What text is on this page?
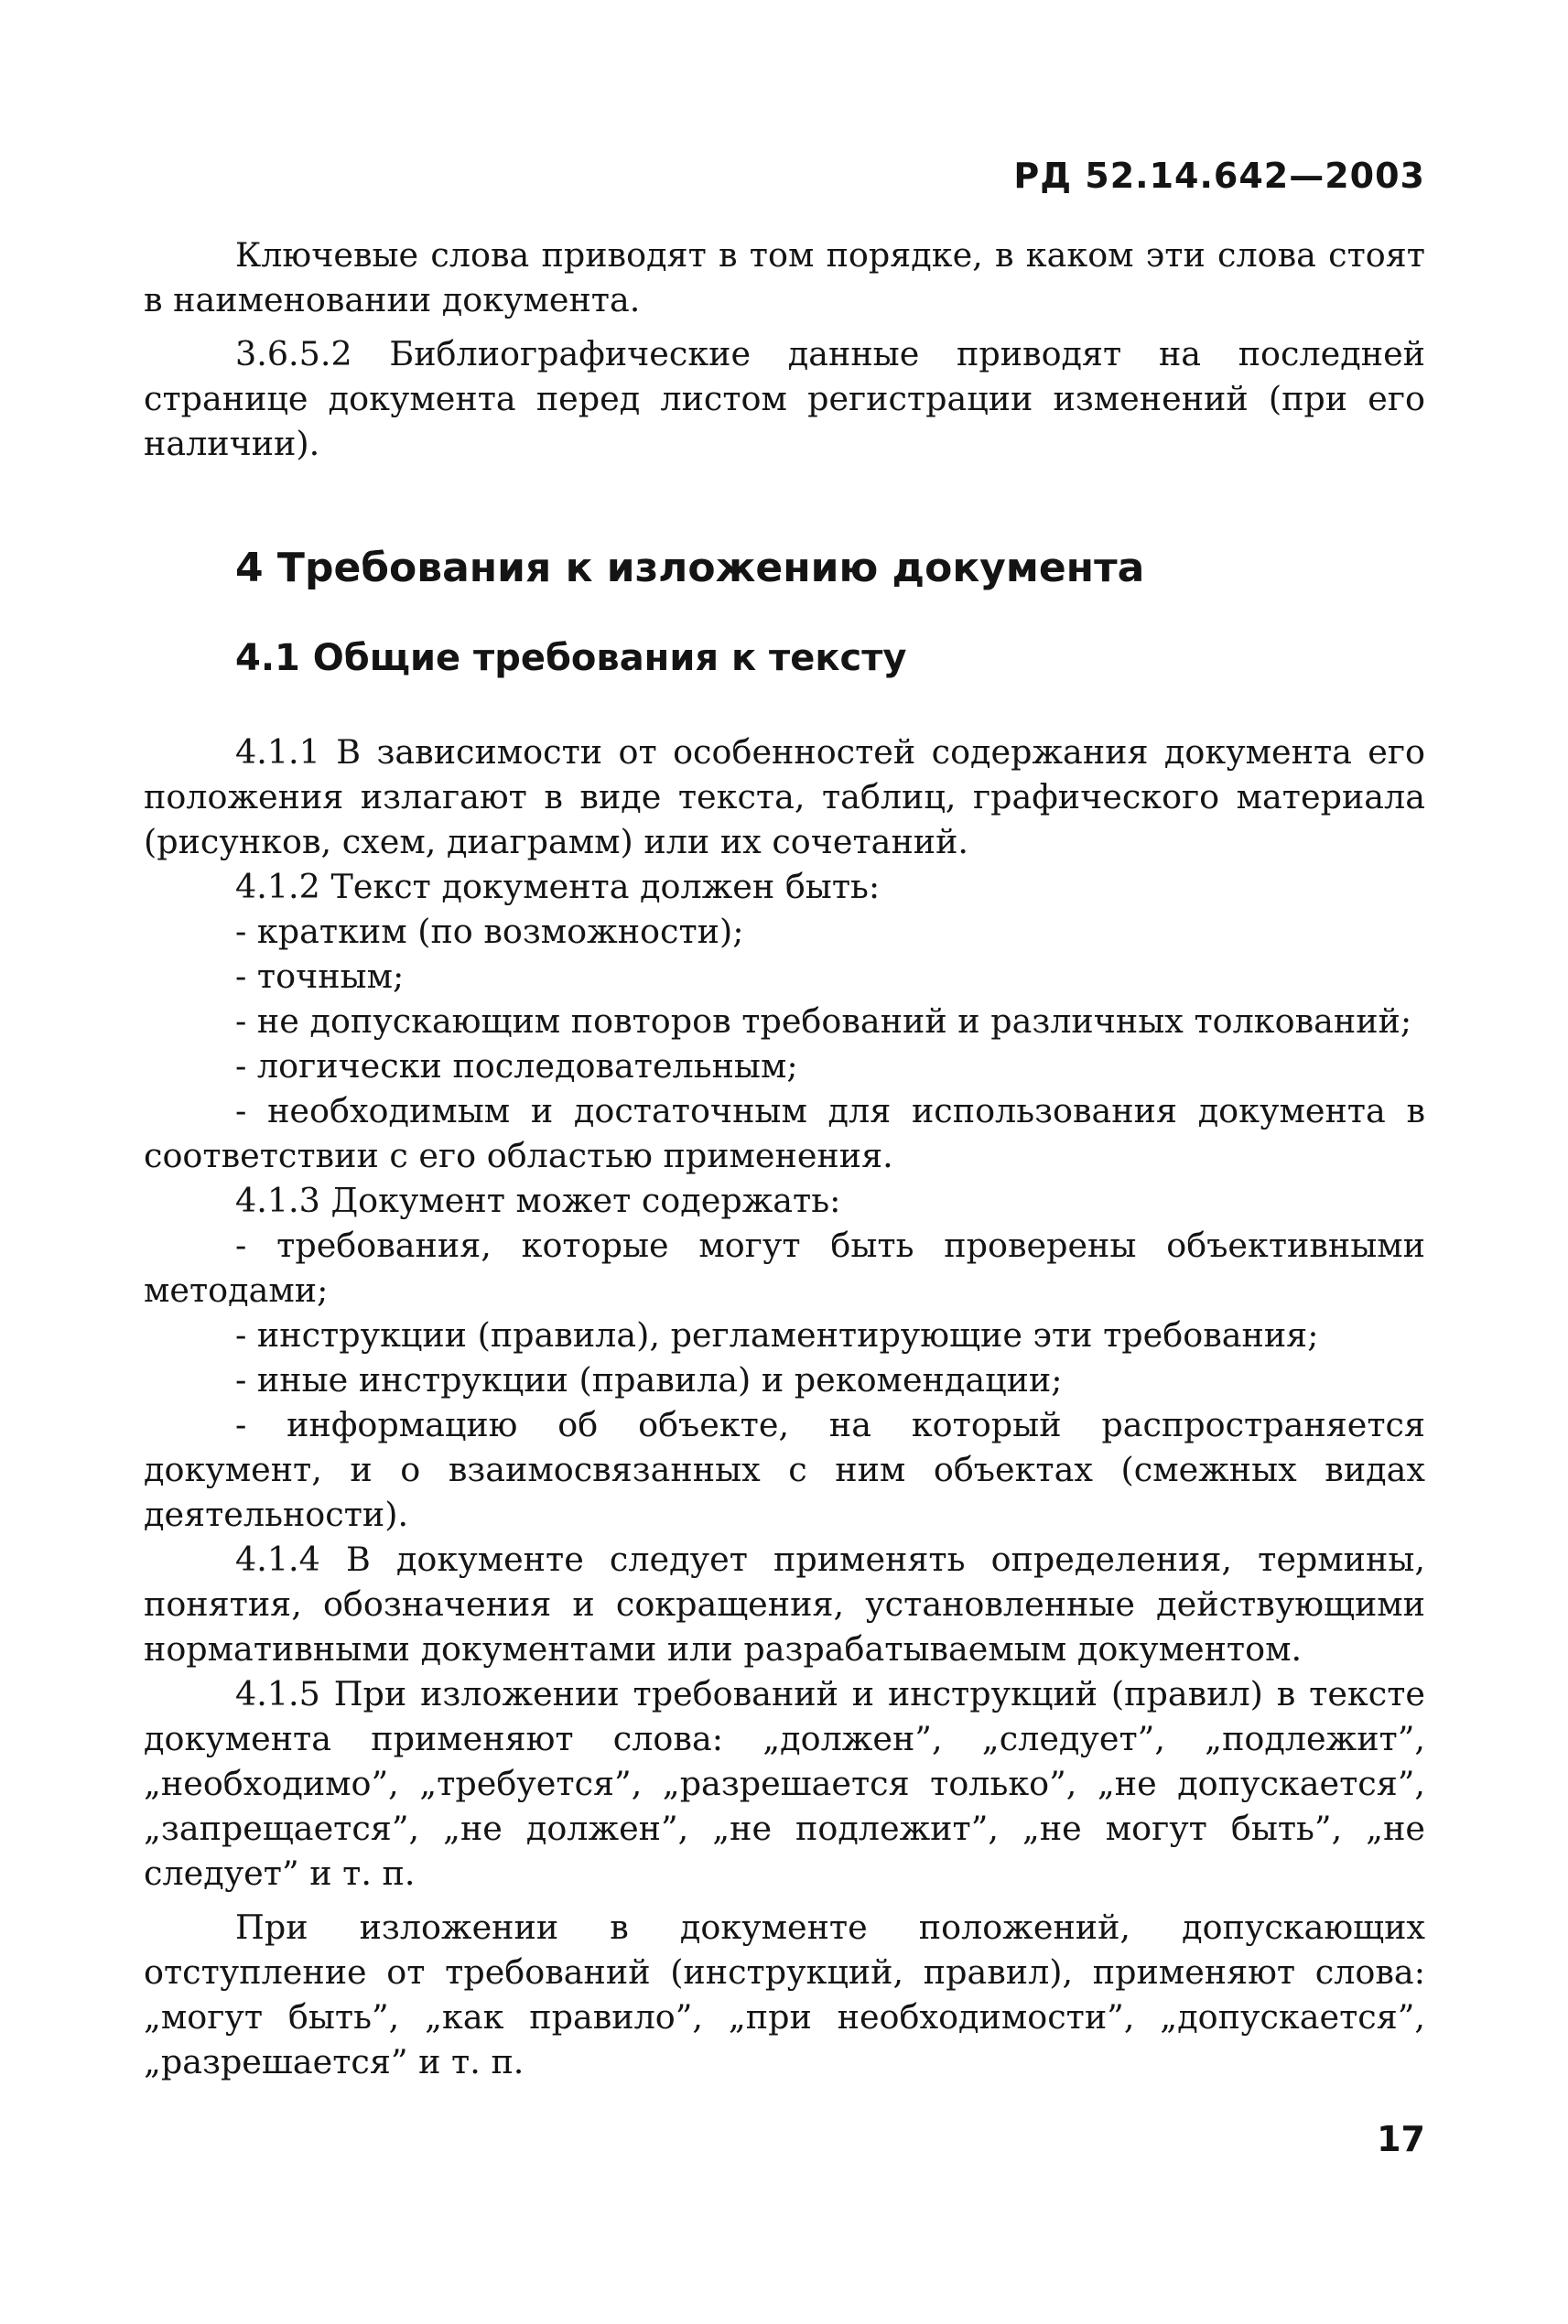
РД 52.14.642—2003

Ключевые слова приводят в том порядке, в каком эти слова стоят в наименовании документа.

3.6.5.2 Библиографические данные приводят на последней странице документа перед листом регистрации изменений (при его наличии).

4 Требования к изложению документа
4.1 Общие требования к тексту

4.1.1 В зависимости от особенностей содержания документа его положения излагают в виде текста, таблиц, графического материала (рисунков, схем, диаграмм) или их сочетаний.

4.1.2 Текст документа должен быть:

- кратким (по возможности);

- точным;

- не допускающим повторов требований и различных толкований;

- логически последовательным;

- необходимым и достаточным для использования документа в соответствии с его областью применения.

4.1.3 Документ может содержать:

- требования, которые могут быть проверены объективными методами;

- инструкции (правила), регламентирующие эти требования;

- иные инструкции (правила) и рекомендации;

- информацию об объекте, на который распространяется документ, и о взаимосвязанных с ним объектах (смежных видах деятельности).

4.1.4 В документе следует применять определения, термины, понятия, обозначения и сокращения, установленные действующими нормативными документами или разрабатываемым документом.

4.1.5 При изложении требований и инструкций (правил) в тексте документа применяют слова: „должен”, „следует”, „подлежит”, „необходимо”, „требуется”, „разрешается только”, „не допускается”, „запрещается”, „не должен”, „не подлежит”, „не могут быть”, „не следует” и т. п.

При изложении в документе положений, допускающих отступление от требований (инструкций, правил), применяют слова: „могут быть”, „как правило”, „при необходимости”, „допускается”, „разрешается” и т. п.

17
